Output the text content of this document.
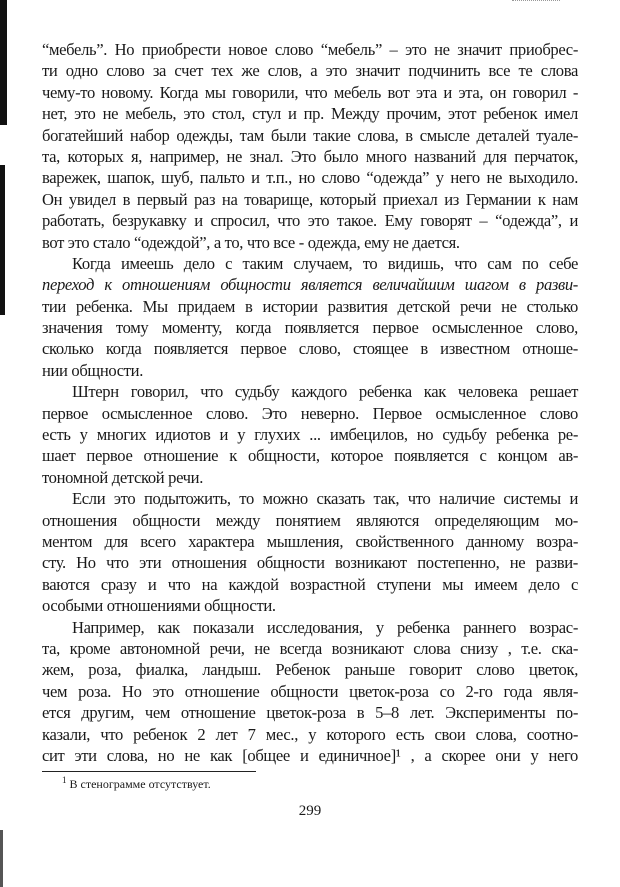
“мебель”. Но приобрести новое слово “мебель” – это не значит приобрес-
ти одно слово за счет тех же слов, а это значит подчинить все те слова
чему-то новому. Когда мы говорили, что мебель вот эта и эта, он говорил -
нет, это не мебель, это стол, стул и пр. Между прочим, этот ребенок имел
богатейший набор одежды, там были такие слова, в смысле деталей туале-
та, которых я, например, не знал. Это было много названий для перчаток,
варежек, шапок, шуб, пальто и т.п., но слово “одежда” у него не выходило.
Он увидел в первый раз на товарище, который приехал из Германии к нам
работать, безрукавку и спросил, что это такое. Ему говорят – “одежда”, и
вот это стало “одеждой”, а то, что все - одежда, ему не дается.
Когда имеешь дело с таким случаем, то видишь, что сам по себе
переход к отношениям общности является величайшим шагом в разви-
тии ребенка. Мы придаем в истории развития детской речи не столько
значения тому моменту, когда появляется первое осмысленное слово,
сколько когда появляется первое слово, стоящее в известном отноше-
нии общности.
Штерн говорил, что судьбу каждого ребенка как человека решает
первое осмысленное слово. Это неверно. Первое осмысленное слово
есть у многих идиотов и у глухих ... имбецилов, но судьбу ребенка ре-
шает первое отношение к общности, которое появляется с концом ав-
тономной детской речи.
Если это подытожить, то можно сказать так, что наличие системы и
отношения общности между понятием являются определяющим мо-
ментом для всего характера мышления, свойственного данному возра-
сту. Но что эти отношения общности возникают постепенно, не разви-
ваются сразу и что на каждой возрастной ступени мы имеем дело с
особыми отношениями общности.
Например, как показали исследования, у ребенка раннего возрас-
та, кроме автономной речи, не всегда возникают слова снизу , т.е. ска-
жем, роза, фиалка, ландыш. Ребенок раньше говорит слово цветок,
чем роза. Но это отношение общности цветок-роза со 2-го года явля-
ется другим, чем отношение цветок-роза в 5–8 лет. Эксперименты по-
казали, что ребенок 2 лет 7 мес., у которого есть свои слова, соотно-
сит эти слова, но не как [общее и единичное]¹ , а скорее они у него
$^1$ В стенограмме отсутствует.
299
